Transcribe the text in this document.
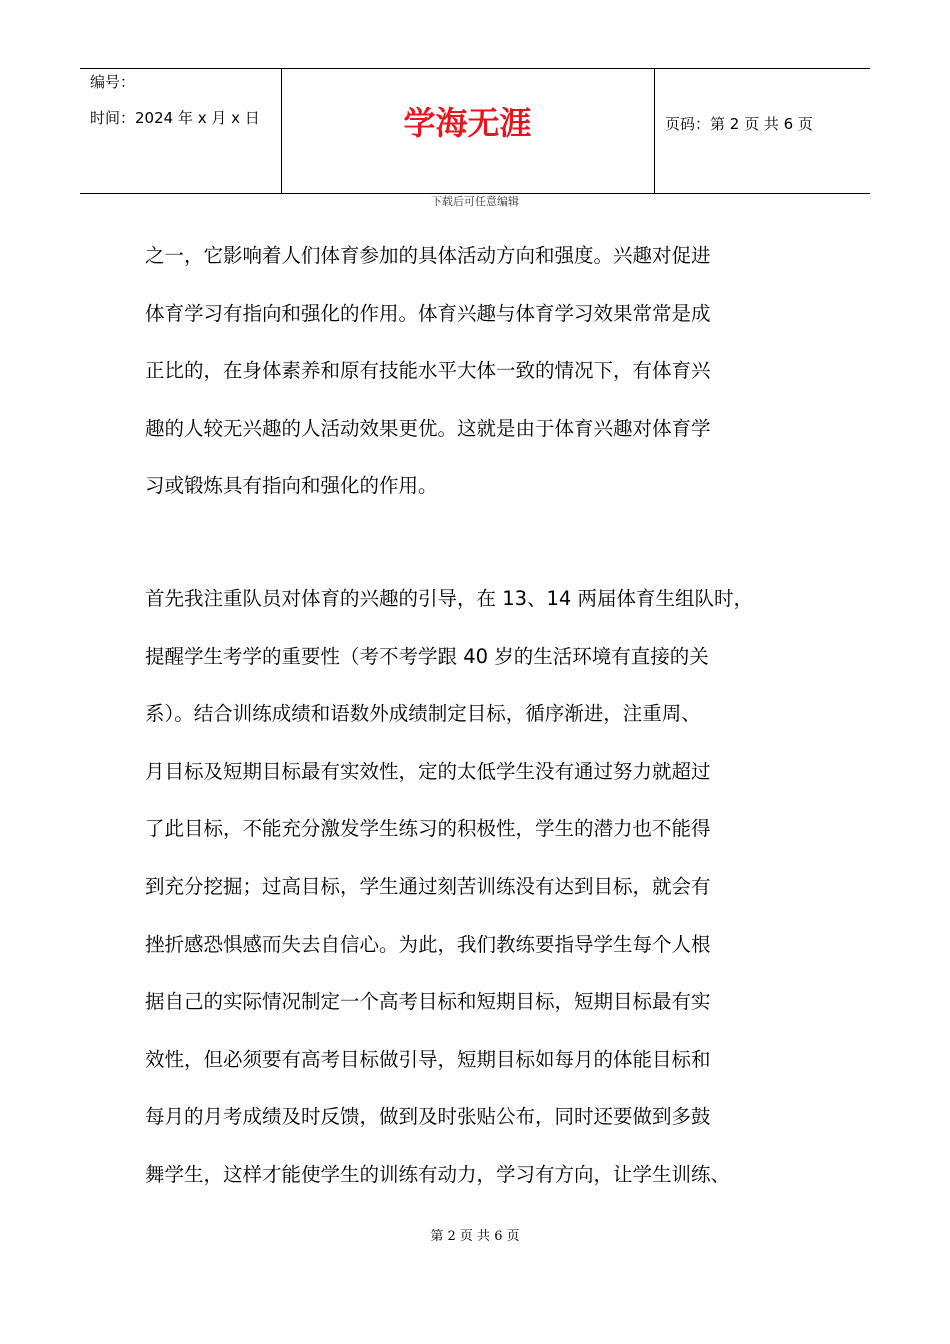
编号：
时间：2024 年 x 月 x 日	学海无涯	页码：第 2 页 共 6 页
下载后可任意编辑
之一，它影响着人们体育参加的具体活动方向和强度。兴趣对促进
体育学习有指向和强化的作用。体育兴趣与体育学习效果常常是成
正比的，在身体素养和原有技能水平大体一致的情况下，有体育兴
趣的人较无兴趣的人活动效果更优。这就是由于体育兴趣对体育学
习或锻炼具有指向和强化的作用。
首先我注重队员对体育的兴趣的引导，在 13、14 两届体育生组队时，
提醒学生考学的重要性（考不考学跟 40 岁的生活环境有直接的关
系）。结合训练成绩和语数外成绩制定目标，循序渐进，注重周、
月目标及短期目标最有实效性，定的太低学生没有通过努力就超过
了此目标，不能充分激发学生练习的积极性，学生的潜力也不能得
到充分挖掘；过高目标，学生通过刻苦训练没有达到目标，就会有
挫折感恐惧感而失去自信心。为此，我们教练要指导学生每个人根
据自己的实际情况制定一个高考目标和短期目标，短期目标最有实
效性，但必须要有高考目标做引导，短期目标如每月的体能目标和
每月的月考成绩及时反馈，做到及时张贴公布，同时还要做到多鼓
舞学生，这样才能使学生的训练有动力，学习有方向，让学生训练、
第 2 页 共 6 页
